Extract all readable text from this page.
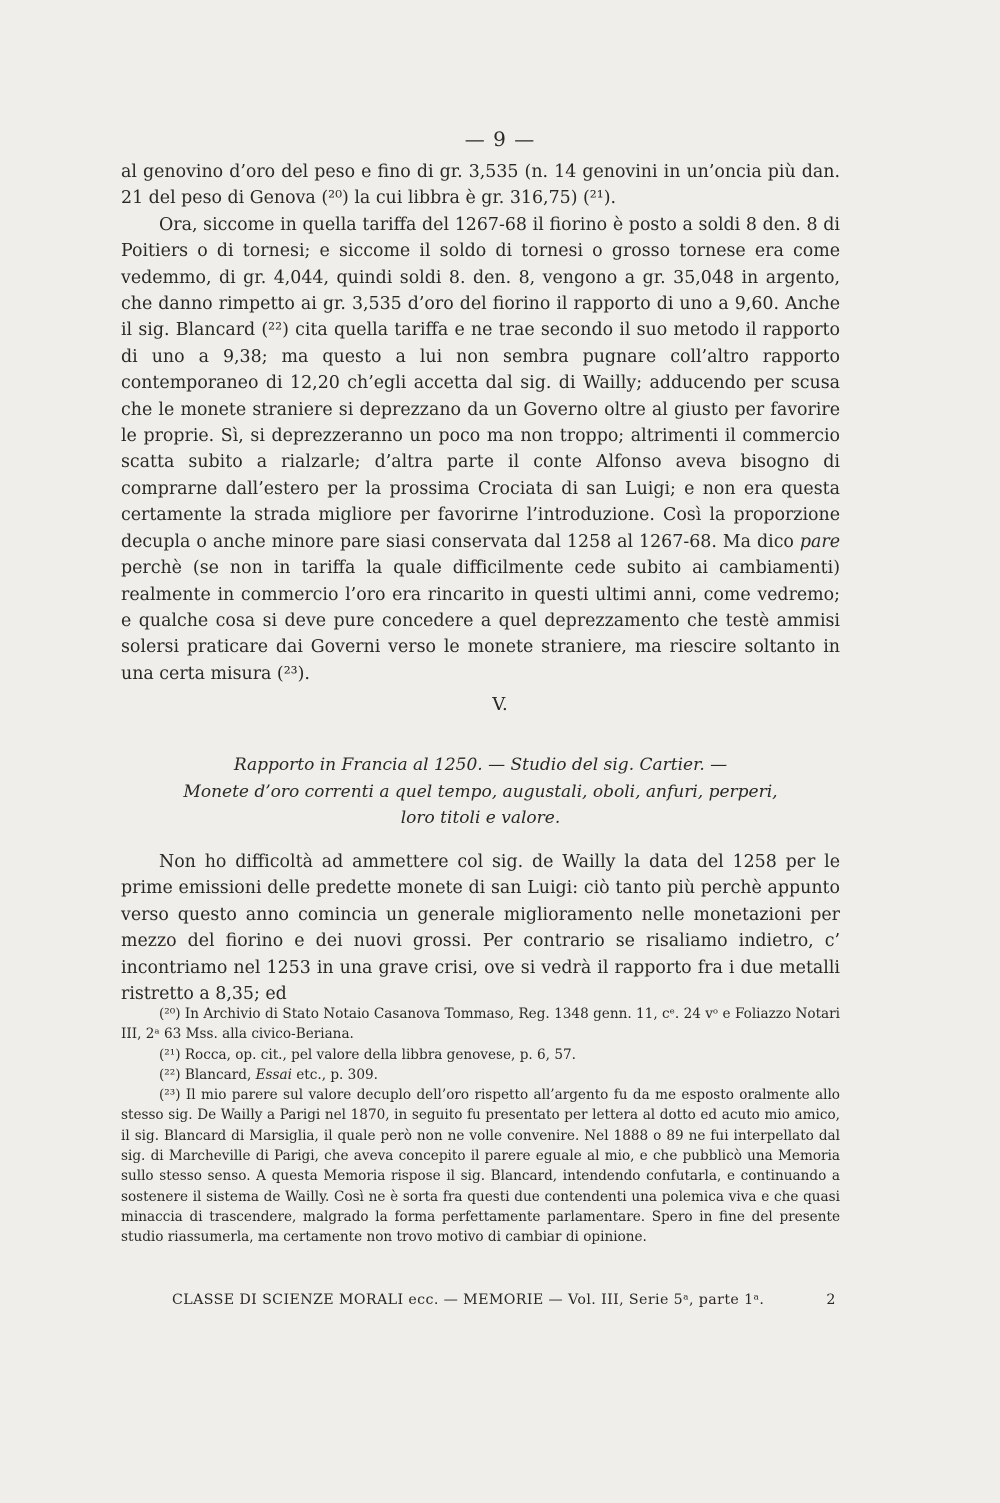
— 9 —

al genovino d’oro del peso e fino di gr. 3,535 (n. 14 genovini in un’oncia più dan. 21 del peso di Genova (²⁰) la cui libbra è gr. 316,75) (²¹).

Ora, siccome in quella tariffa del 1267-68 il fiorino è posto a soldi 8 den. 8 di Poitiers o di tornesi; e siccome il soldo di tornesi o grosso tornese era come vedemmo, di gr. 4,044, quindi soldi 8. den. 8, vengono a gr. 35,048 in argento, che danno rimpetto ai gr. 3,535 d’oro del fiorino il rapporto di uno a 9,60. Anche il sig. Blancard (²²) cita quella tariffa e ne trae secondo il suo metodo il rapporto di uno a 9,38; ma questo a lui non sembra pugnare coll’altro rapporto contemporaneo di 12,20 ch’egli accetta dal sig. di Wailly; adducendo per scusa che le monete straniere si deprezzano da un Governo oltre al giusto per favorire le proprie. Sì, si deprezzeranno un poco ma non troppo; altrimenti il commercio scatta subito a rialzarle; d’altra parte il conte Alfonso aveva bisogno di comprarne dall’estero per la prossima Crociata di san Luigi; e non era questa certamente la strada migliore per favorirne l’introduzione. Così la proporzione decupla o anche minore pare siasi conservata dal 1258 al 1267-68. Ma dico pare perchè (se non in tariffa la quale difficilmente cede subito ai cambiamenti) realmente in commercio l’oro era rincarito in questi ultimi anni, come vedremo; e qualche cosa si deve pure concedere a quel deprezzamento che testè ammisi solersi praticare dai Governi verso le monete straniere, ma riescire soltanto in una certa misura (²³).

V.
Rapporto in Francia al 1250. — Studio del sig. Cartier. —
Monete d’oro correnti a quel tempo, augustali, oboli, anfuri, perperi,
loro titoli e valore.

Non ho difficoltà ad ammettere col sig. de Wailly la data del 1258 per le prime emissioni delle predette monete di san Luigi: ciò tanto più perchè appunto verso questo anno comincia un generale miglioramento nelle monetazioni per mezzo del fiorino e dei nuovi grossi. Per contrario se risaliamo indietro, c’ incontriamo nel 1253 in una grave crisi, ove si vedrà il rapporto fra i due metalli ristretto a 8,35; ed

(²⁰) In Archivio di Stato Notaio Casanova Tommaso, Reg. 1348 genn. 11, cᵉ. 24 vᵒ e Foliazzo Notari III, 2ᵃ 63 Mss. alla civico-Beriana.

(²¹) Rocca, op. cit., pel valore della libbra genovese, p. 6, 57.

(²²) Blancard, Essai etc., p. 309.

(²³) Il mio parere sul valore decuplo dell’oro rispetto all’argento fu da me esposto oralmente allo stesso sig. De Wailly a Parigi nel 1870, in seguito fu presentato per lettera al dotto ed acuto mio amico, il sig. Blancard di Marsiglia, il quale però non ne volle convenire. Nel 1888 o 89 ne fui interpellato dal sig. di Marcheville di Parigi, che aveva concepito il parere eguale al mio, e che pubblicò una Memoria sullo stesso senso. A questa Memoria rispose il sig. Blancard, intendendo confutarla, e continuando a sostenere il sistema de Wailly. Così ne è sorta fra questi due contendenti una polemica viva e che quasi minaccia di trascendere, malgrado la forma perfettamente parlamentare. Spero in fine del presente studio riassumerla, ma certamente non trovo motivo di cambiar di opinione.

CLASSE DI SCIENZE MORALI ecc. — MEMORIE — Vol. III, Serie 5ᵃ, parte 1ᵃ.	2
